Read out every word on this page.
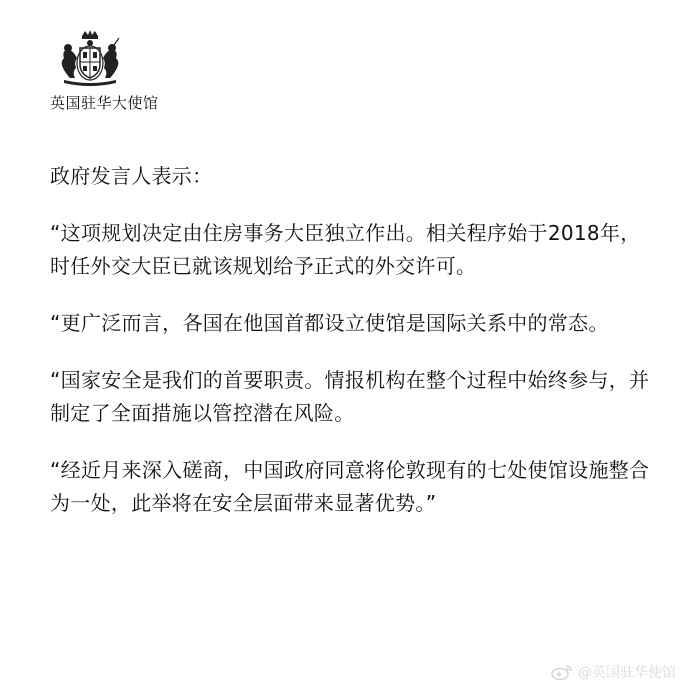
英国驻华大使馆

政府发言人表示：

“这项规划决定由住房事务大臣独立作出。相关程序始于2018年，时任外交大臣已就该规划给予正式的外交许可。

“更广泛而言，各国在他国首都设立使馆是国际关系中的常态。

“国家安全是我们的首要职责。情报机构在整个过程中始终参与，并制定了全面措施以管控潜在风险。

“经近月来深入磋商，中国政府同意将伦敦现有的七处使馆设施整合为一处，此举将在安全层面带来显著优势。”

@英国驻华使馆
